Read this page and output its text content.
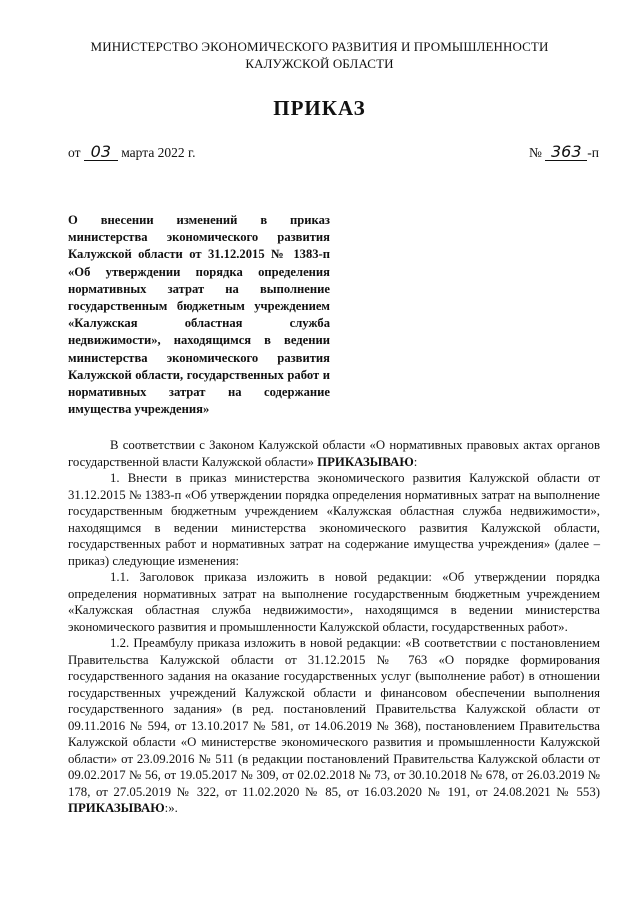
МИНИСТЕРСТВО ЭКОНОМИЧЕСКОГО РАЗВИТИЯ И ПРОМЫШЛЕННОСТИ
КАЛУЖСКОЙ ОБЛАСТИ
ПРИКАЗ
от 03 марта 2022 г.	№ 363 -п
О внесении изменений в приказ министерства экономического развития Калужской области от 31.12.2015 № 1383-п «Об утверждении порядка определения нормативных затрат на выполнение государственным бюджетным учреждением «Калужская областная служба недвижимости», находящимся в ведении министерства экономического развития Калужской области, государственных работ и нормативных затрат на содержание имущества учреждения»

В соответствии с Законом Калужской области «О нормативных правовых актах органов государственной власти Калужской области» ПРИКАЗЫВАЮ:

1. Внести в приказ министерства экономического развития Калужской области от 31.12.2015 № 1383-п «Об утверждении порядка определения нормативных затрат на выполнение государственным бюджетным учреждением «Калужская областная служба недвижимости», находящимся в ведении министерства экономического развития Калужской области, государственных работ и нормативных затрат на содержание имущества учреждения» (далее – приказ) следующие изменения:

1.1. Заголовок приказа изложить в новой редакции: «Об утверждении порядка определения нормативных затрат на выполнение государственным бюджетным учреждением «Калужская областная служба недвижимости», находящимся в ведении министерства экономического развития и промышленности Калужской области, государственных работ».

1.2. Преамбулу приказа изложить в новой редакции: «В соответствии с постановлением Правительства Калужской области от 31.12.2015 № 763 «О порядке формирования государственного задания на оказание государственных услуг (выполнение работ) в отношении государственных учреждений Калужской области и финансовом обеспечении выполнения государственного задания» (в ред. постановлений Правительства Калужской области от 09.11.2016 № 594, от 13.10.2017 № 581, от 14.06.2019 № 368), постановлением Правительства Калужской области «О министерстве экономического развития и промышленности Калужской области» от 23.09.2016 № 511 (в редакции постановлений Правительства Калужской области от 09.02.2017 № 56, от 19.05.2017 № 309, от 02.02.2018 № 73, от 30.10.2018 № 678, от 26.03.2019 № 178, от 27.05.2019 № 322, от 11.02.2020 № 85, от 16.03.2020 № 191, от 24.08.2021 № 553) ПРИКАЗЫВАЮ:».
